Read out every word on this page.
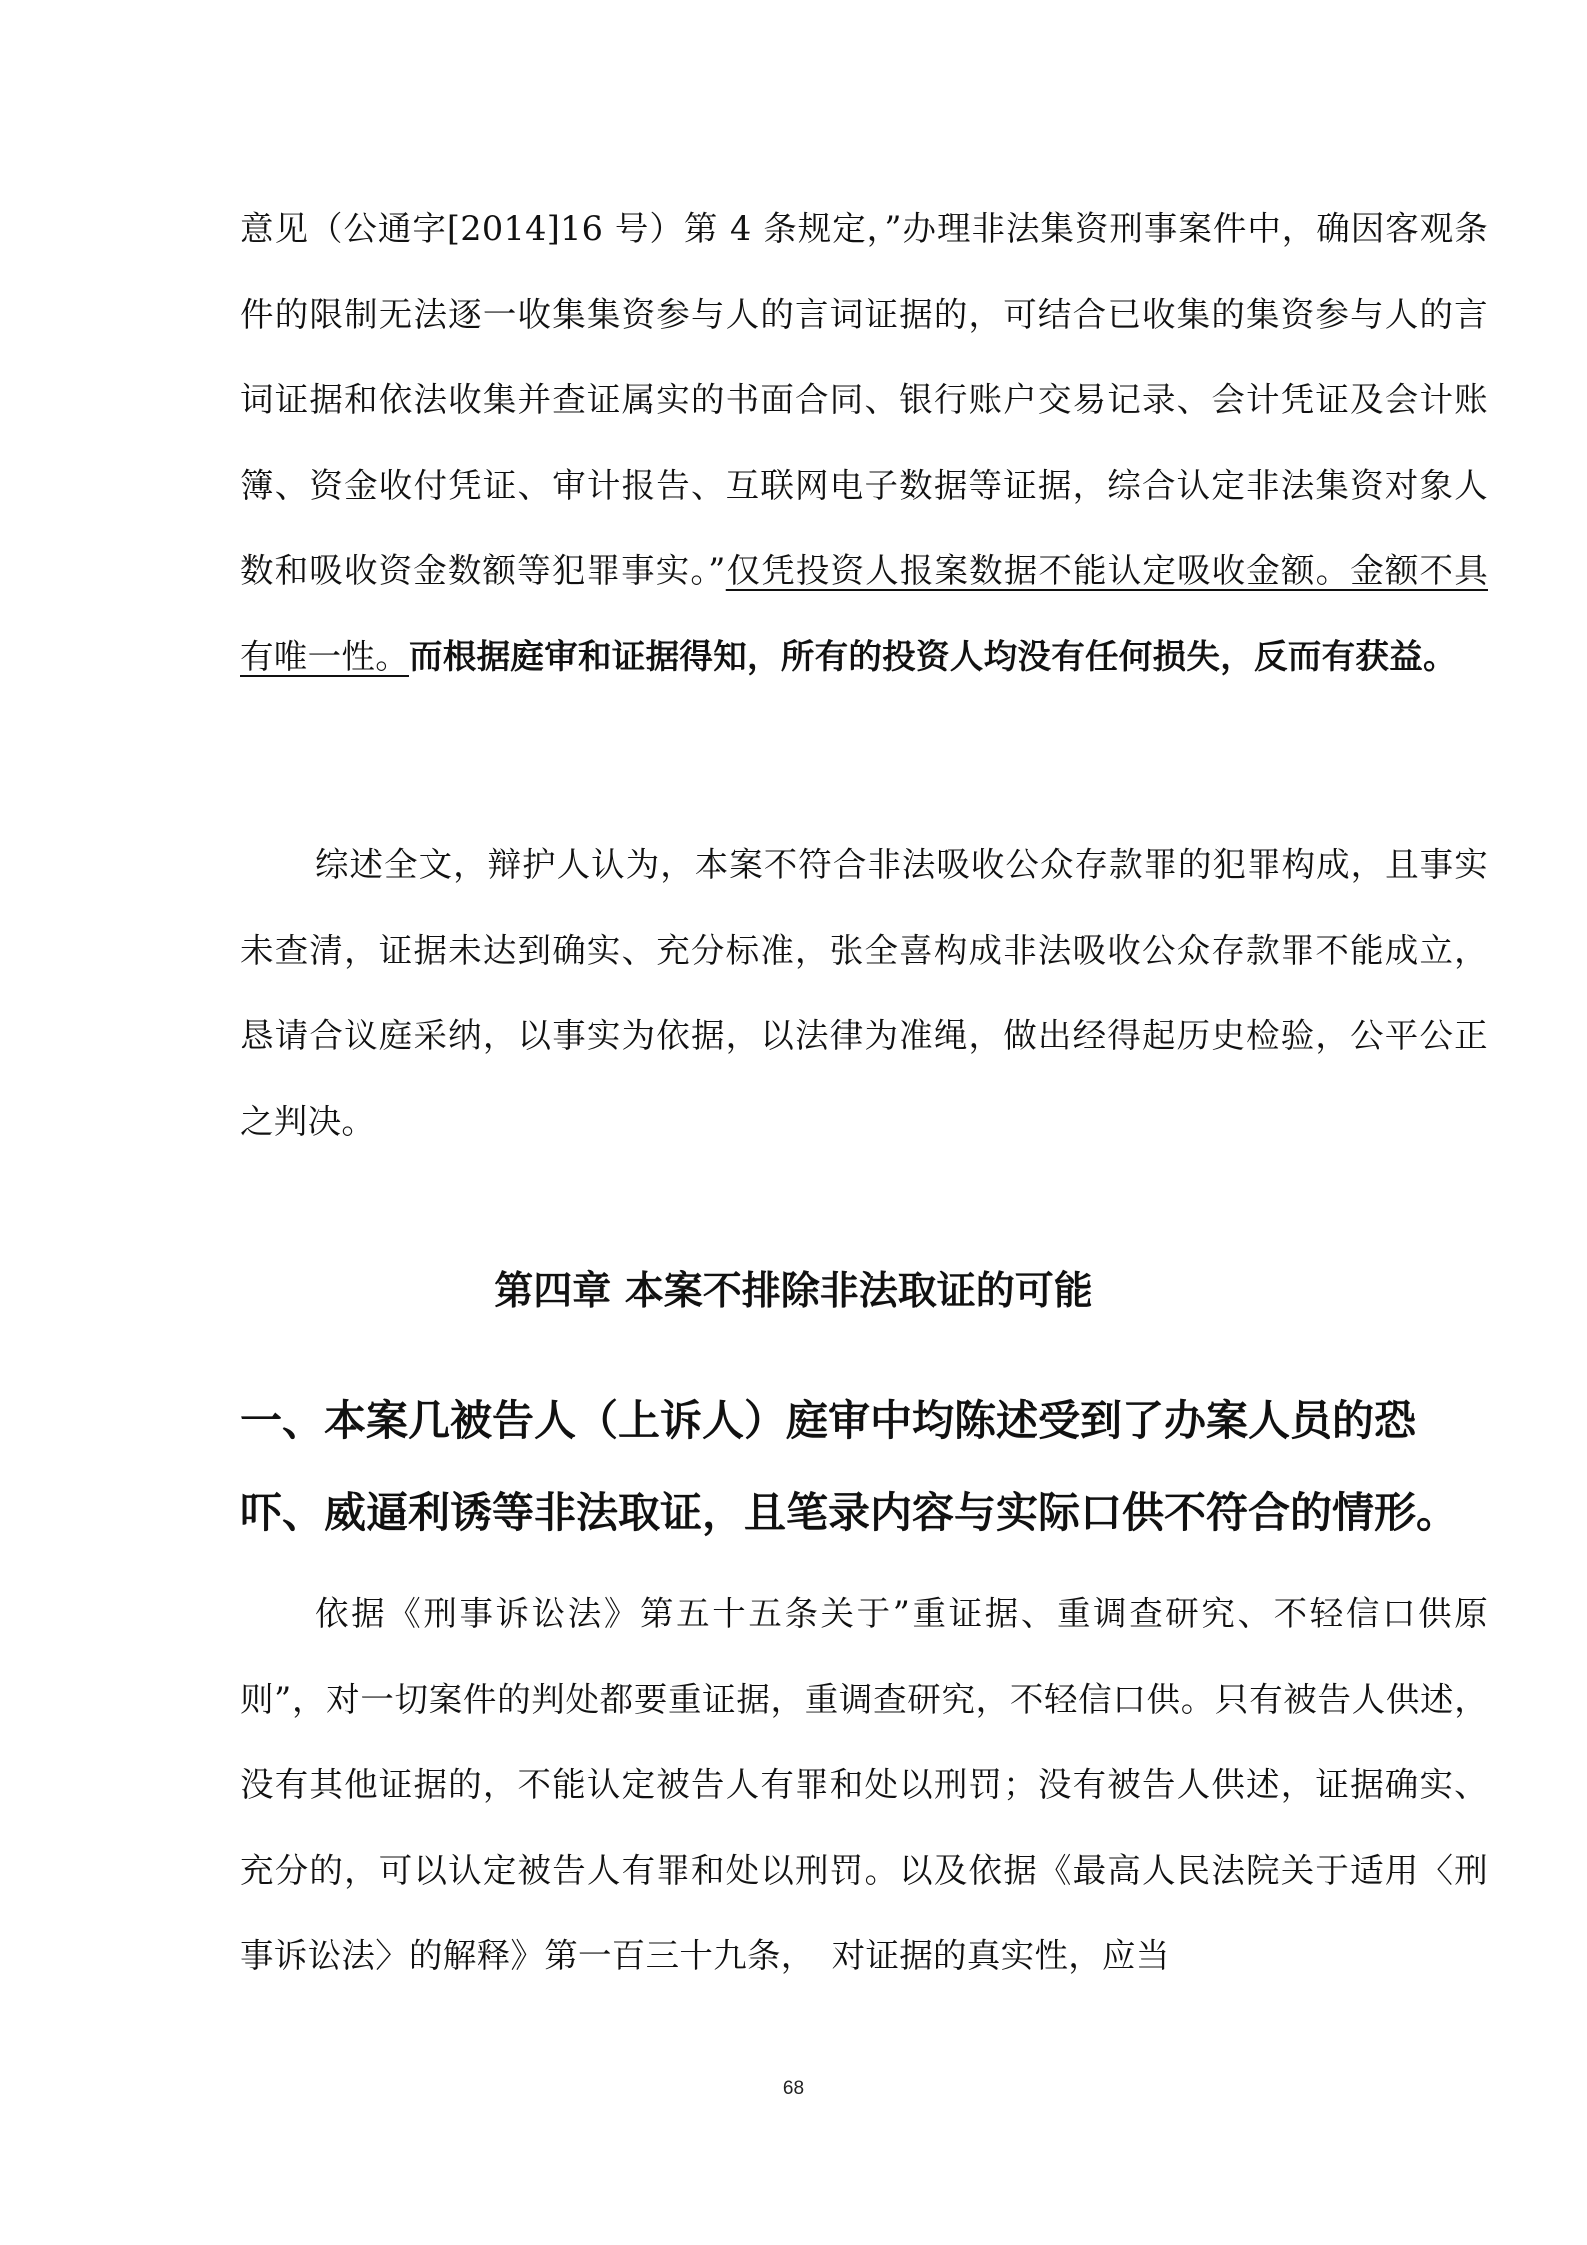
意见（公通字[2014]16 号）第 4 条规定，”办理非法集资刑事案件中，确因客观条件的限制无法逐一收集集资参与人的言词证据的，可结合已收集的集资参与人的言词证据和依法收集并查证属实的书面合同、银行账户交易记录、会计凭证及会计账簿、资金收付凭证、审计报告、互联网电子数据等证据，综合认定非法集资对象人数和吸收资金数额等犯罪事实。”仅凭投资人报案数据不能认定吸收金额。金额不具有唯一性。而根据庭审和证据得知，所有的投资人均没有任何损失，反而有获益。

综述全文，辩护人认为，本案不符合非法吸收公众存款罪的犯罪构成，且事实未查清，证据未达到确实、充分标准，张全喜构成非法吸收公众存款罪不能成立，恳请合议庭采纳，以事实为依据，以法律为准绳，做出经得起历史检验，公平公正之判决。

第四章 本案不排除非法取证的可能
一、本案几被告人（上诉人）庭审中均陈述受到了办案人员的恐吓、威逼利诱等非法取证，且笔录内容与实际口供不符合的情形。

依据《刑事诉讼法》第五十五条关于”重证据、重调查研究、不轻信口供原则”，对一切案件的判处都要重证据，重调查研究，不轻信口供。只有被告人供述，没有其他证据的，不能认定被告人有罪和处以刑罚；没有被告人供述，证据确实、充分的，可以认定被告人有罪和处以刑罚。以及依据《最高人民法院关于适用〈刑事诉讼法〉的解释》第一百三十九条，　对证据的真实性，应当

68
